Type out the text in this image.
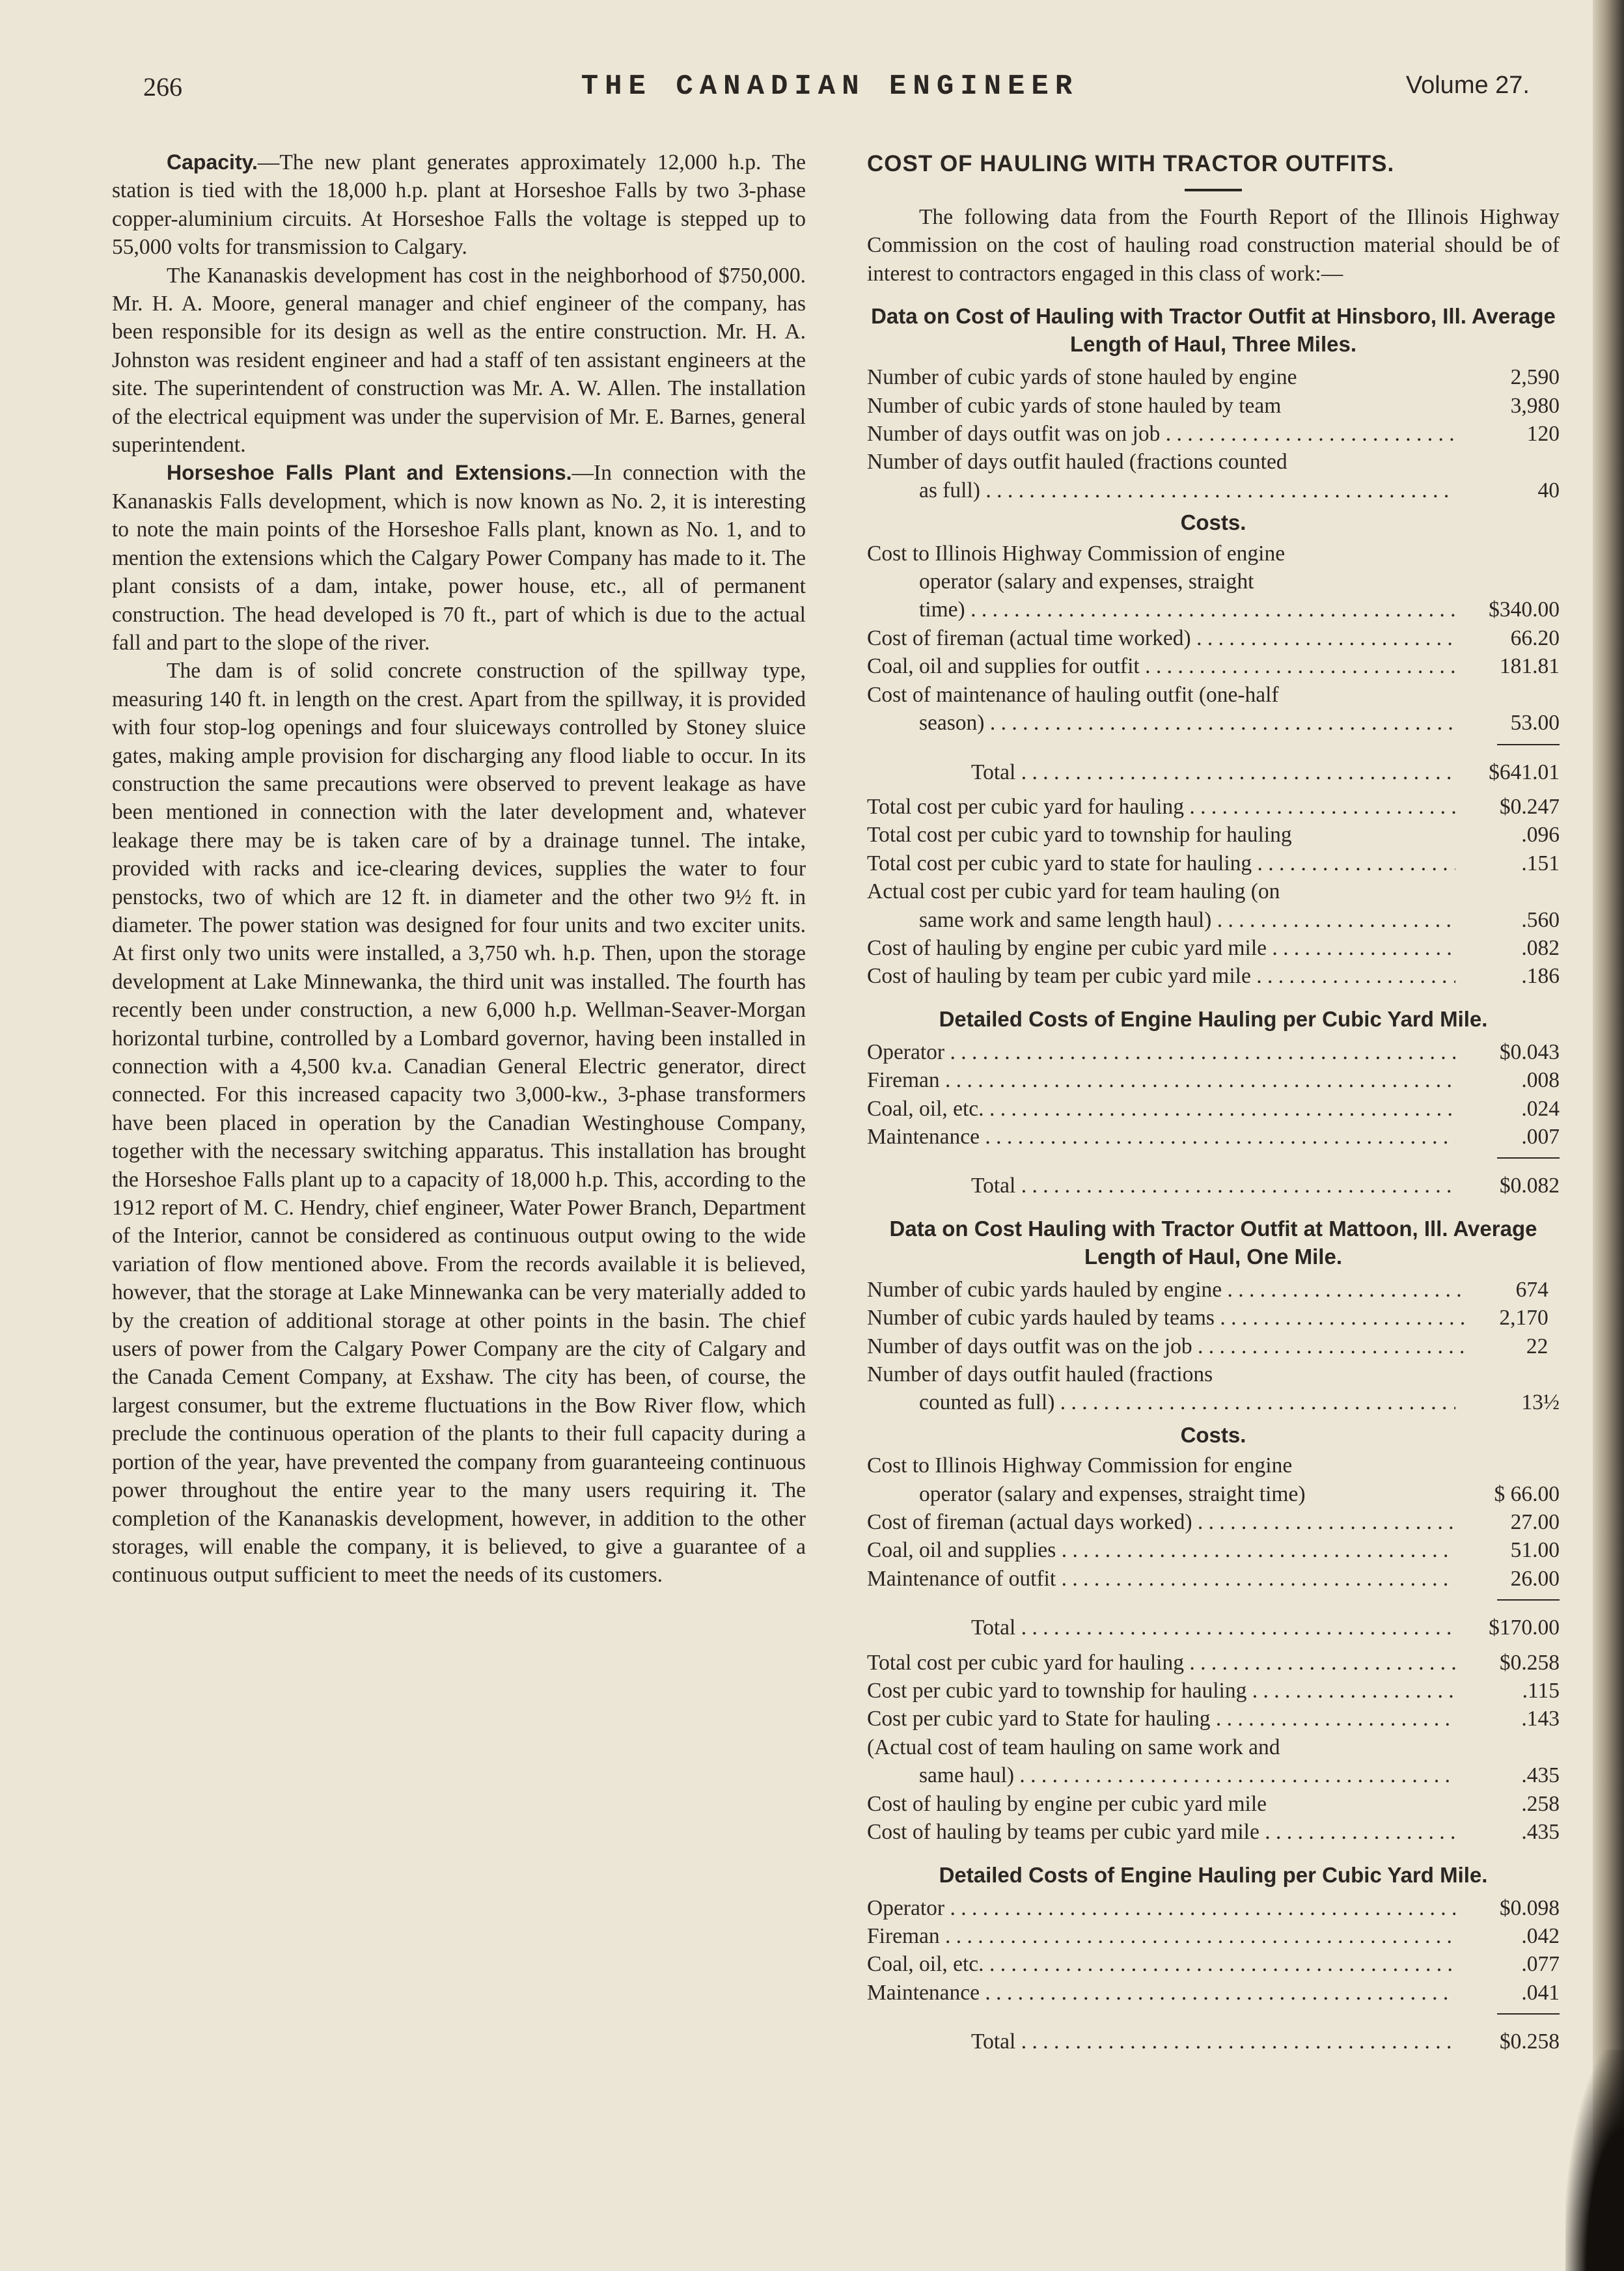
266	THE CANADIAN ENGINEER	Volume 27.

Capacity.—The new plant generates approximately 12,000 h.p. The station is tied with the 18,000 h.p. plant at Horseshoe Falls by two 3-phase copper-aluminium circuits. At Horseshoe Falls the voltage is stepped up to 55,000 volts for transmission to Calgary.

The Kananaskis development has cost in the neighborhood of $750,000. Mr. H. A. Moore, general manager and chief engineer of the company, has been responsible for its design as well as the entire construction. Mr. H. A. Johnston was resident engineer and had a staff of ten assistant engineers at the site. The superintendent of construction was Mr. A. W. Allen. The installation of the electrical equipment was under the supervision of Mr. E. Barnes, general superintendent.

Horseshoe Falls Plant and Extensions.—In connection with the Kananaskis Falls development, which is now known as No. 2, it is interesting to note the main points of the Horseshoe Falls plant, known as No. 1, and to mention the extensions which the Calgary Power Company has made to it. The plant consists of a dam, intake, power house, etc., all of permanent construction. The head developed is 70 ft., part of which is due to the actual fall and part to the slope of the river.

The dam is of solid concrete construction of the spillway type, measuring 140 ft. in length on the crest. Apart from the spillway, it is provided with four stop-log openings and four sluiceways controlled by Stoney sluice gates, making ample provision for discharging any flood liable to occur. In its construction the same precautions were observed to prevent leakage as have been mentioned in connection with the later development and, whatever leakage there may be is taken care of by a drainage tunnel. The intake, provided with racks and ice-clearing devices, supplies the water to four penstocks, two of which are 12 ft. in diameter and the other two 9½ ft. in diameter. The power station was designed for four units and two exciter units. At first only two units were installed, a 3,750 wh. h.p. Then, upon the storage development at Lake Minnewanka, the third unit was installed. The fourth has recently been under construction, a new 6,000 h.p. Wellman-Seaver-Morgan horizontal turbine, controlled by a Lombard governor, having been installed in connection with a 4,500 kv.a. Canadian General Electric generator, direct connected. For this increased capacity two 3,000-kw., 3-phase transformers have been placed in operation by the Canadian Westinghouse Company, together with the necessary switching apparatus. This installation has brought the Horseshoe Falls plant up to a capacity of 18,000 h.p. This, according to the 1912 report of M. C. Hendry, chief engineer, Water Power Branch, Department of the Interior, cannot be considered as continuous output owing to the wide variation of flow mentioned above. From the records available it is believed, however, that the storage at Lake Minnewanka can be very materially added to by the creation of additional storage at other points in the basin. The chief users of power from the Calgary Power Company are the city of Calgary and the Canada Cement Company, at Exshaw. The city has been, of course, the largest consumer, but the extreme fluctuations in the Bow River flow, which preclude the continuous operation of the plants to their full capacity during a portion of the year, have prevented the company from guaranteeing continuous power throughout the entire year to the many users requiring it. The completion of the Kananaskis development, however, in addition to the other storages, will enable the company, it is believed, to give a guarantee of a continuous output sufficient to meet the needs of its customers.

COST OF HAULING WITH TRACTOR OUTFITS.

The following data from the Fourth Report of the Illinois Highway Commission on the cost of hauling road construction material should be of interest to contractors engaged in this class of work:—

Data on Cost of Hauling with Tractor Outfit at Hinsboro, Ill. Average Length of Haul, Three Miles.
Number of cubic yards of stone hauled by engine	2,590
Number of cubic yards of stone hauled by team	3,980
Number of days outfit was on job . . .	120
Number of days outfit hauled (fractions counted
as full) . . .	40
Costs.
Cost to Illinois Highway Commission of engine
operator (salary and expenses, straight
time) . . .	$340.00
Cost of fireman (actual time worked) . . .	66.20
Coal, oil and supplies for outfit . . .	181.81
Cost of maintenance of hauling outfit (one-half
season) . . .	53.00
Total . . .	$641.01
Total cost per cubic yard for hauling . . .	$0.247
Total cost per cubic yard to township for hauling	.096
Total cost per cubic yard to state for hauling . . .	.151
Actual cost per cubic yard for team hauling (on
same work and same length haul) . . .	.560
Cost of hauling by engine per cubic yard mile . . .	.082
Cost of hauling by team per cubic yard mile . . .	.186
Detailed Costs of Engine Hauling per Cubic Yard Mile.
Operator . . .	$0.043
Fireman . . .	.008
Coal, oil, etc. . . .	.024
Maintenance . . .	.007
Total . . .	$0.082
Data on Cost Hauling with Tractor Outfit at Mattoon, Ill. Average Length of Haul, One Mile.
Number of cubic yards hauled by engine . . .	674
Number of cubic yards hauled by teams . . .	2,170
Number of days outfit was on the job . . .	22
Number of days outfit hauled (fractions
counted as full) . . .	13½
Costs.
Cost to Illinois Highway Commission for engine
operator (salary and expenses, straight time)	$ 66.00
Cost of fireman (actual days worked) . . .	27.00
Coal, oil and supplies . . .	51.00
Maintenance of outfit . . .	26.00
Total . . .	$170.00
Total cost per cubic yard for hauling . . .	$0.258
Cost per cubic yard to township for hauling . . .	.115
Cost per cubic yard to State for hauling . . .	.143
(Actual cost of team hauling on same work and
same haul) . . .	.435
Cost of hauling by engine per cubic yard mile	.258
Cost of hauling by teams per cubic yard mile . . .	.435
Detailed Costs of Engine Hauling per Cubic Yard Mile.
Operator . . .	$0.098
Fireman . . .	.042
Coal, oil, etc. . . .	.077
Maintenance . . .	.041
Total . . .	$0.258
